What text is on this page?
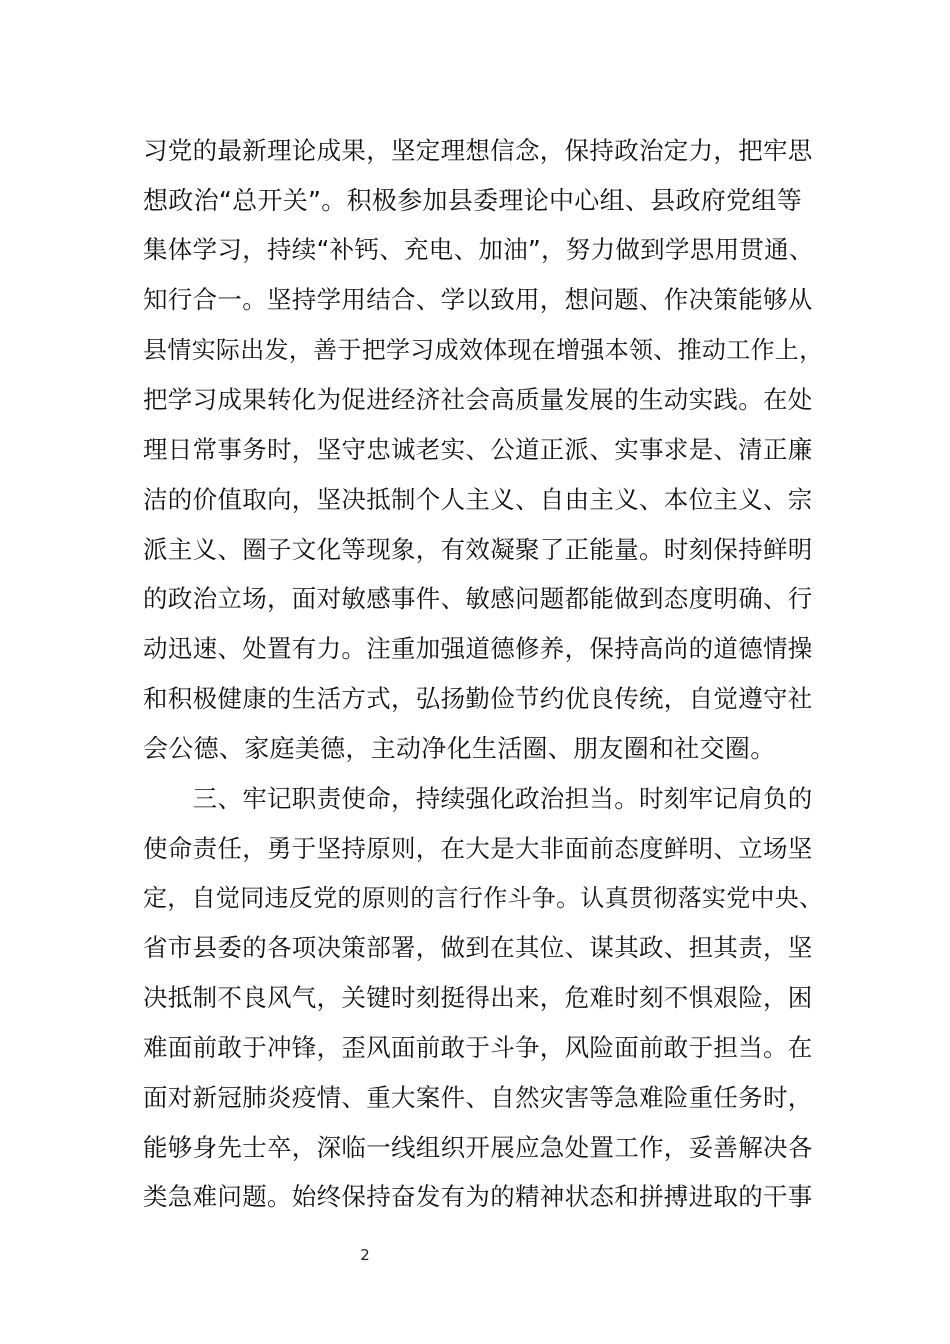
习党的最新理论成果，坚定理想信念，保持政治定力，把牢思
想政治“总开关”。积极参加县委理论中心组、县政府党组等
集体学习，持续“补钙、充电、加油”，努力做到学思用贯通、
知行合一。坚持学用结合、学以致用，想问题、作决策能够从
县情实际出发，善于把学习成效体现在增强本领、推动工作上，
把学习成果转化为促进经济社会高质量发展的生动实践。在处
理日常事务时，坚守忠诚老实、公道正派、实事求是、清正廉
洁的价值取向，坚决抵制个人主义、自由主义、本位主义、宗
派主义、圈子文化等现象，有效凝聚了正能量。时刻保持鲜明
的政治立场，面对敏感事件、敏感问题都能做到态度明确、行
动迅速、处置有力。注重加强道德修养，保持高尚的道德情操
和积极健康的生活方式，弘扬勤俭节约优良传统，自觉遵守社
会公德、家庭美德，主动净化生活圈、朋友圈和社交圈。
　　三、牢记职责使命，持续强化政治担当。时刻牢记肩负的
使命责任，勇于坚持原则，在大是大非面前态度鲜明、立场坚
定，自觉同违反党的原则的言行作斗争。认真贯彻落实党中央、
省市县委的各项决策部署，做到在其位、谋其政、担其责，坚
决抵制不良风气，关键时刻挺得出来，危难时刻不惧艰险，困
难面前敢于冲锋，歪风面前敢于斗争，风险面前敢于担当。在
面对新冠肺炎疫情、重大案件、自然灾害等急难险重任务时，
能够身先士卒，深临一线组织开展应急处置工作，妥善解决各
类急难问题。始终保持奋发有为的精神状态和拼搏进取的干事
2
